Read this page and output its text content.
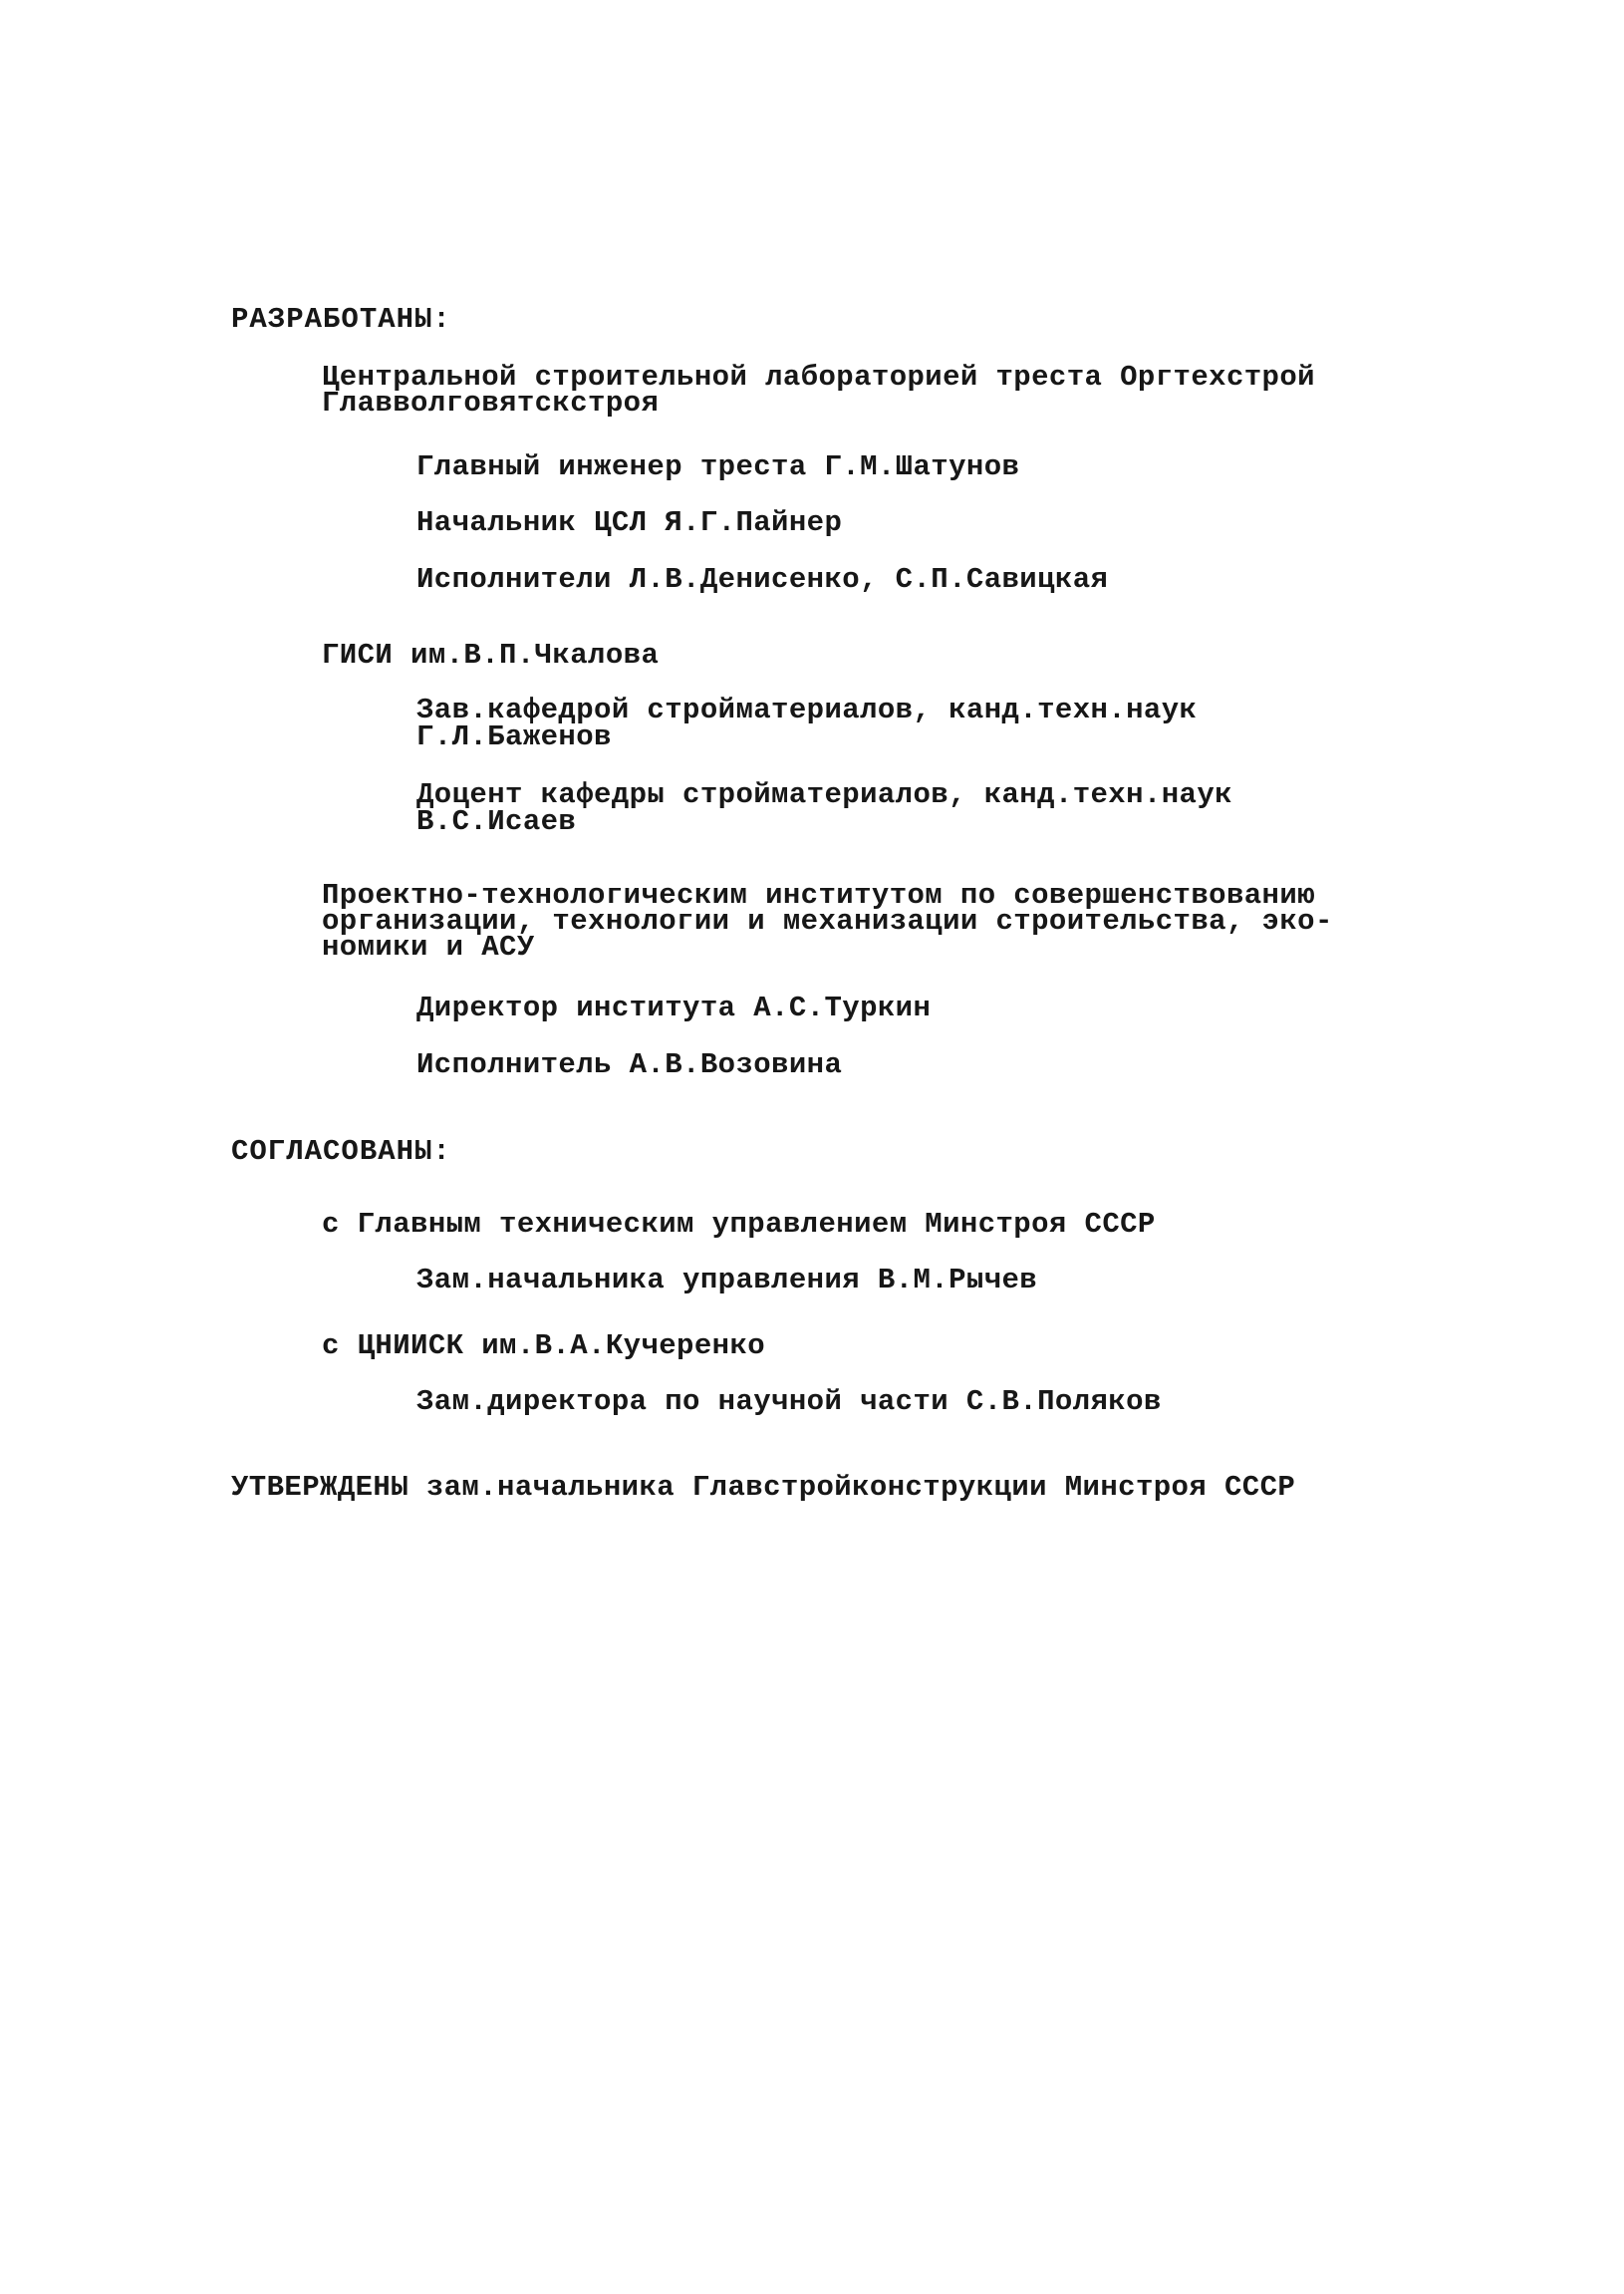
РАЗРАБОТАНЫ:
Центральной строительной лабораторией треста Оргтехстрой
Главволговятскстроя
Главный инженер треста Г.М.Шатунов
Начальник ЦСЛ Я.Г.Пайнер
Исполнители Л.В.Денисенко, С.П.Савицкая
ГИСИ им.В.П.Чкалова
Зав.кафедрой стройматериалов, канд.техн.наук
Г.Л.Баженов
Доцент кафедры стройматериалов, канд.техн.наук
В.С.Исаев
Проектно-технологическим институтом по совершенствованию
организации, технологии и механизации строительства, эко-
номики и АСУ
Директор института А.С.Туркин
Исполнитель А.В.Возовина
СОГЛАСОВАНЫ:
с Главным техническим управлением Минстроя СССР
Зам.начальника управления В.М.Рычев
с ЦНИИСК им.В.А.Кучеренко
Зам.директора по научной части С.В.Поляков
УТВЕРЖДЕНЫ зам.начальника Главстройконструкции Минстроя СССР
